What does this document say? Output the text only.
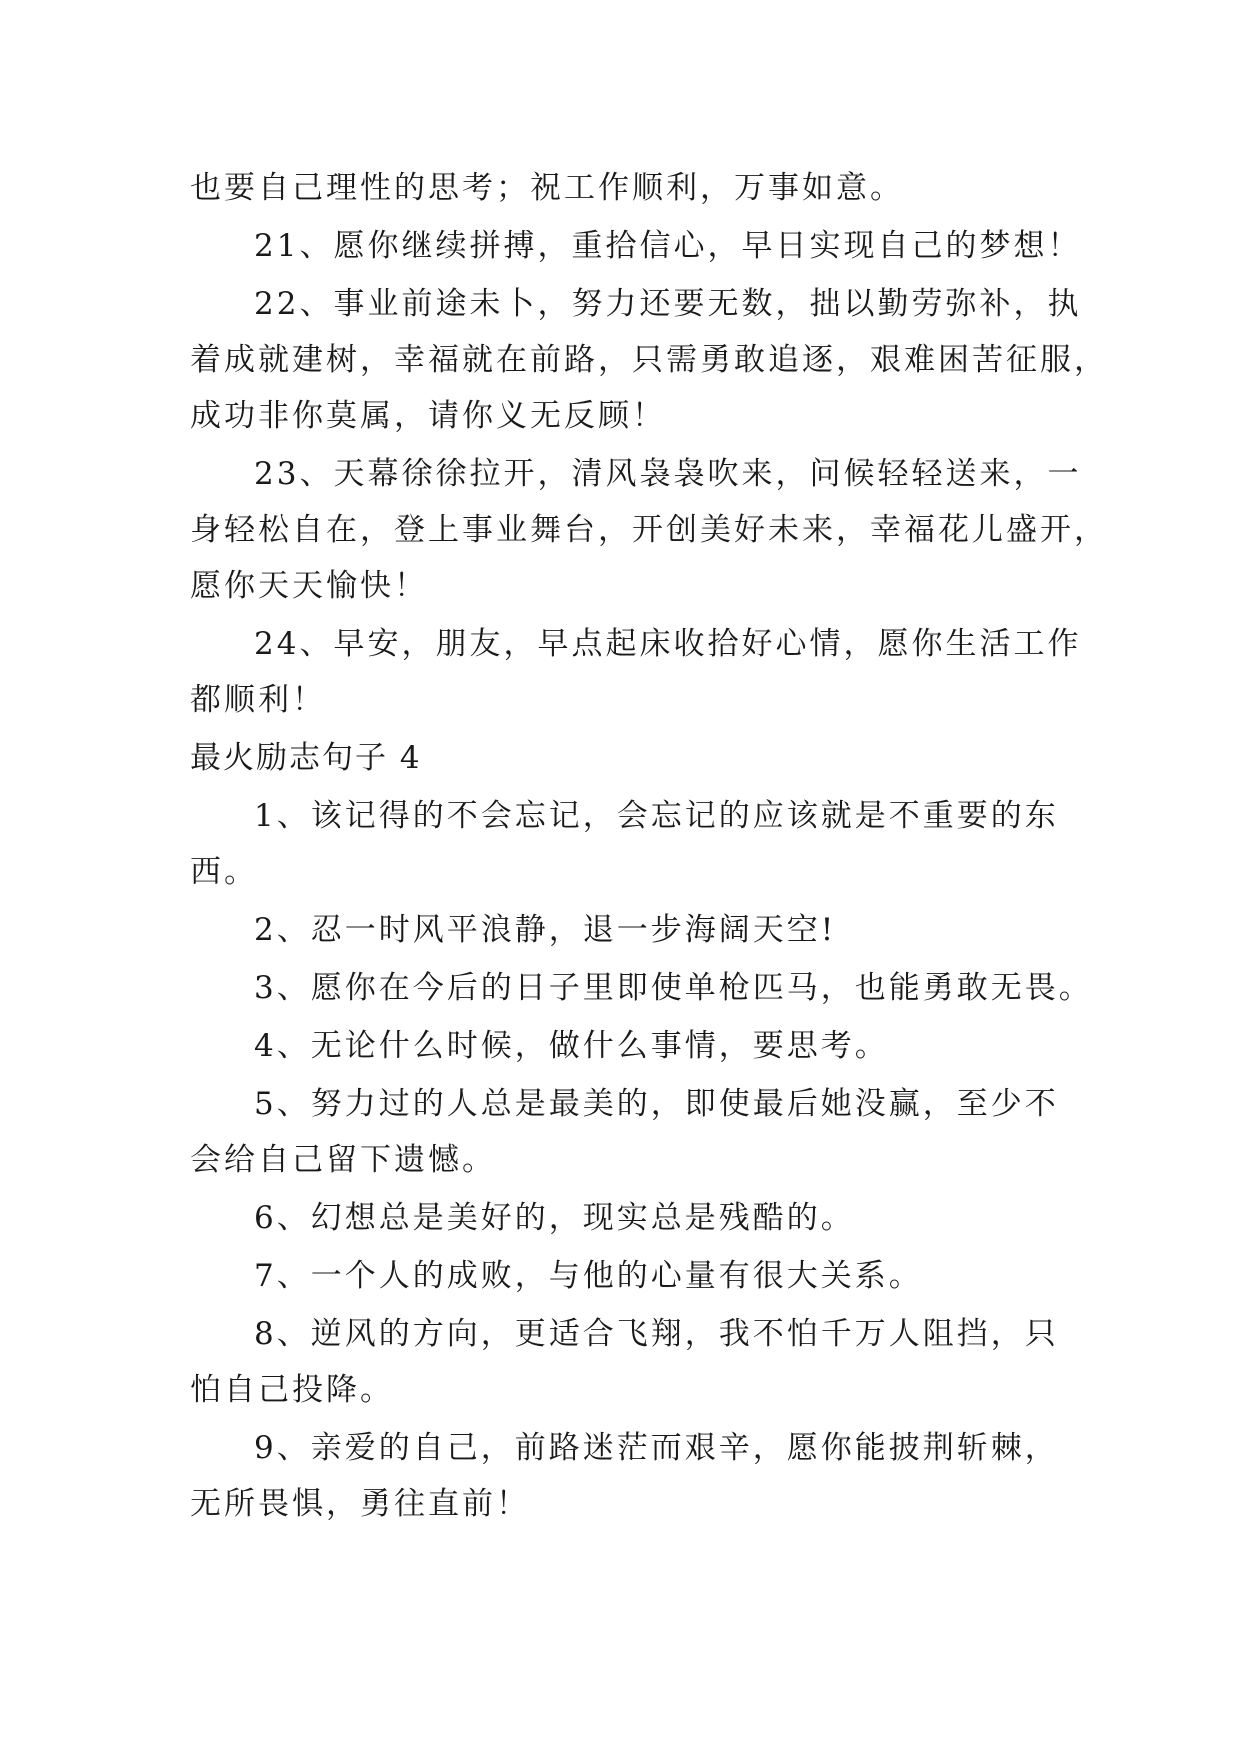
也要自己理性的思考；祝工作顺利，万事如意。

21、愿你继续拼搏，重拾信心，早日实现自己的梦想！

22、事业前途未卜，努力还要无数，拙以勤劳弥补，执

着成就建树，幸福就在前路，只需勇敢追逐，艰难困苦征服，

成功非你莫属，请你义无反顾！

23、天幕徐徐拉开，清风袅袅吹来，问候轻轻送来，一

身轻松自在，登上事业舞台，开创美好未来，幸福花儿盛开，

愿你天天愉快！

24、早安，朋友，早点起床收拾好心情，愿你生活工作

都顺利！

最火励志句子 4

1、该记得的不会忘记，会忘记的应该就是不重要的东

西。

2、忍一时风平浪静，退一步海阔天空!

3、愿你在今后的日子里即使单枪匹马，也能勇敢无畏。

4、无论什么时候，做什么事情，要思考。

5、努力过的人总是最美的，即使最后她没赢，至少不

会给自己留下遗憾。

6、幻想总是美好的，现实总是残酷的。

7、一个人的成败，与他的心量有很大关系。

8、逆风的方向，更适合飞翔，我不怕千万人阻挡，只

怕自己投降。

9、亲爱的自己，前路迷茫而艰辛，愿你能披荆斩棘，

无所畏惧，勇往直前！
